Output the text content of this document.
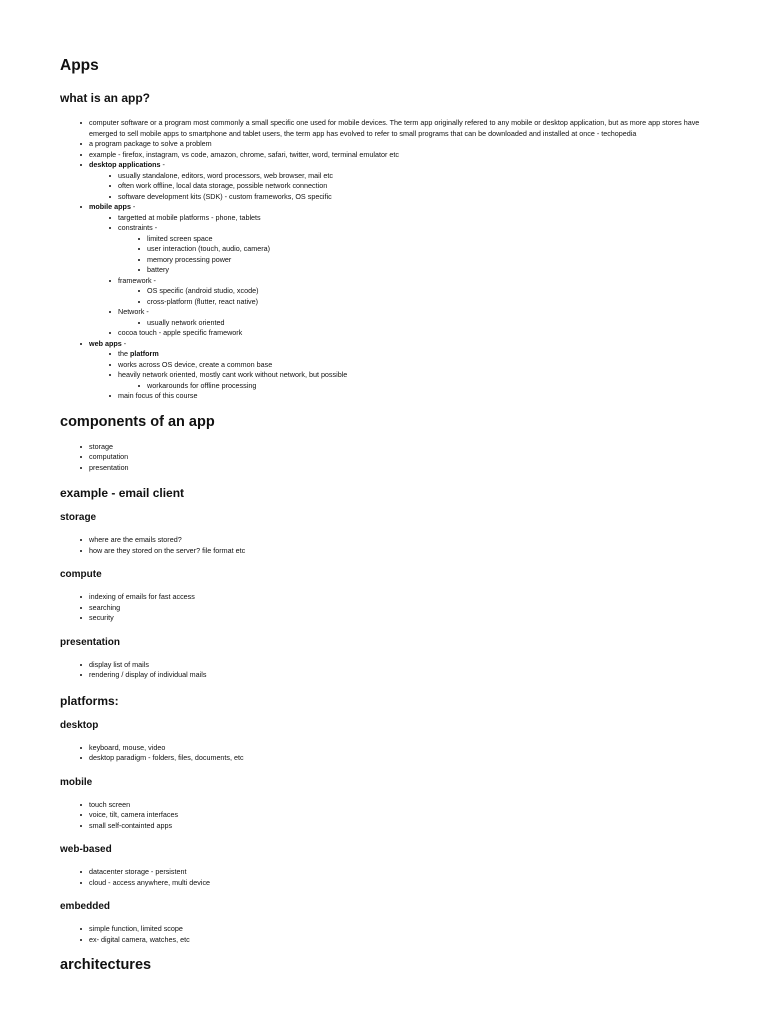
Apps
what is an app?
computer software or a program most commonly a small specific one used for mobile devices. The term app originally refered to any mobile or desktop application, but as more app stores have emerged to sell mobile apps to smartphone and tablet users, the term app has evolved to refer to small programs that can be downloaded and installed at once - techopedia
a program package to solve a problem
example - firefox, instagram, vs code, amazon, chrome, safari, twitter, word, terminal emulator etc
desktop applications -
usually standalone, editors, word processors, web browser, mail etc
often work offline, local data storage, possible network connection
software development kits (SDK) - custom frameworks, OS specific
mobile apps -
targetted at mobile platforms - phone, tablets
constraints -
limited screen space
user interaction (touch, audio, camera)
memory processing power
battery
framework -
OS specific (android studio, xcode)
cross-platform (flutter, react native)
Network -
usually network oriented
cocoa touch - apple specific framework
web apps -
the platform
works across OS device, create a common base
heavily network oriented, mostly cant work without network, but possible
workarounds for offline processing
main focus of this course
components of an app
storage
computation
presentation
example - email client
storage
where are the emails stored?
how are they stored on the server? file format etc
compute
indexing of emails for fast access
searching
security
presentation
display list of mails
rendering / display of individual mails
platforms:
desktop
keyboard, mouse, video
desktop paradigm - folders, files, documents, etc
mobile
touch screen
voice, tilt, camera interfaces
small self-containted apps
web-based
datacenter storage - persistent
cloud - access anywhere, multi device
embedded
simple function, limited scope
ex- digital camera, watches, etc
architectures
